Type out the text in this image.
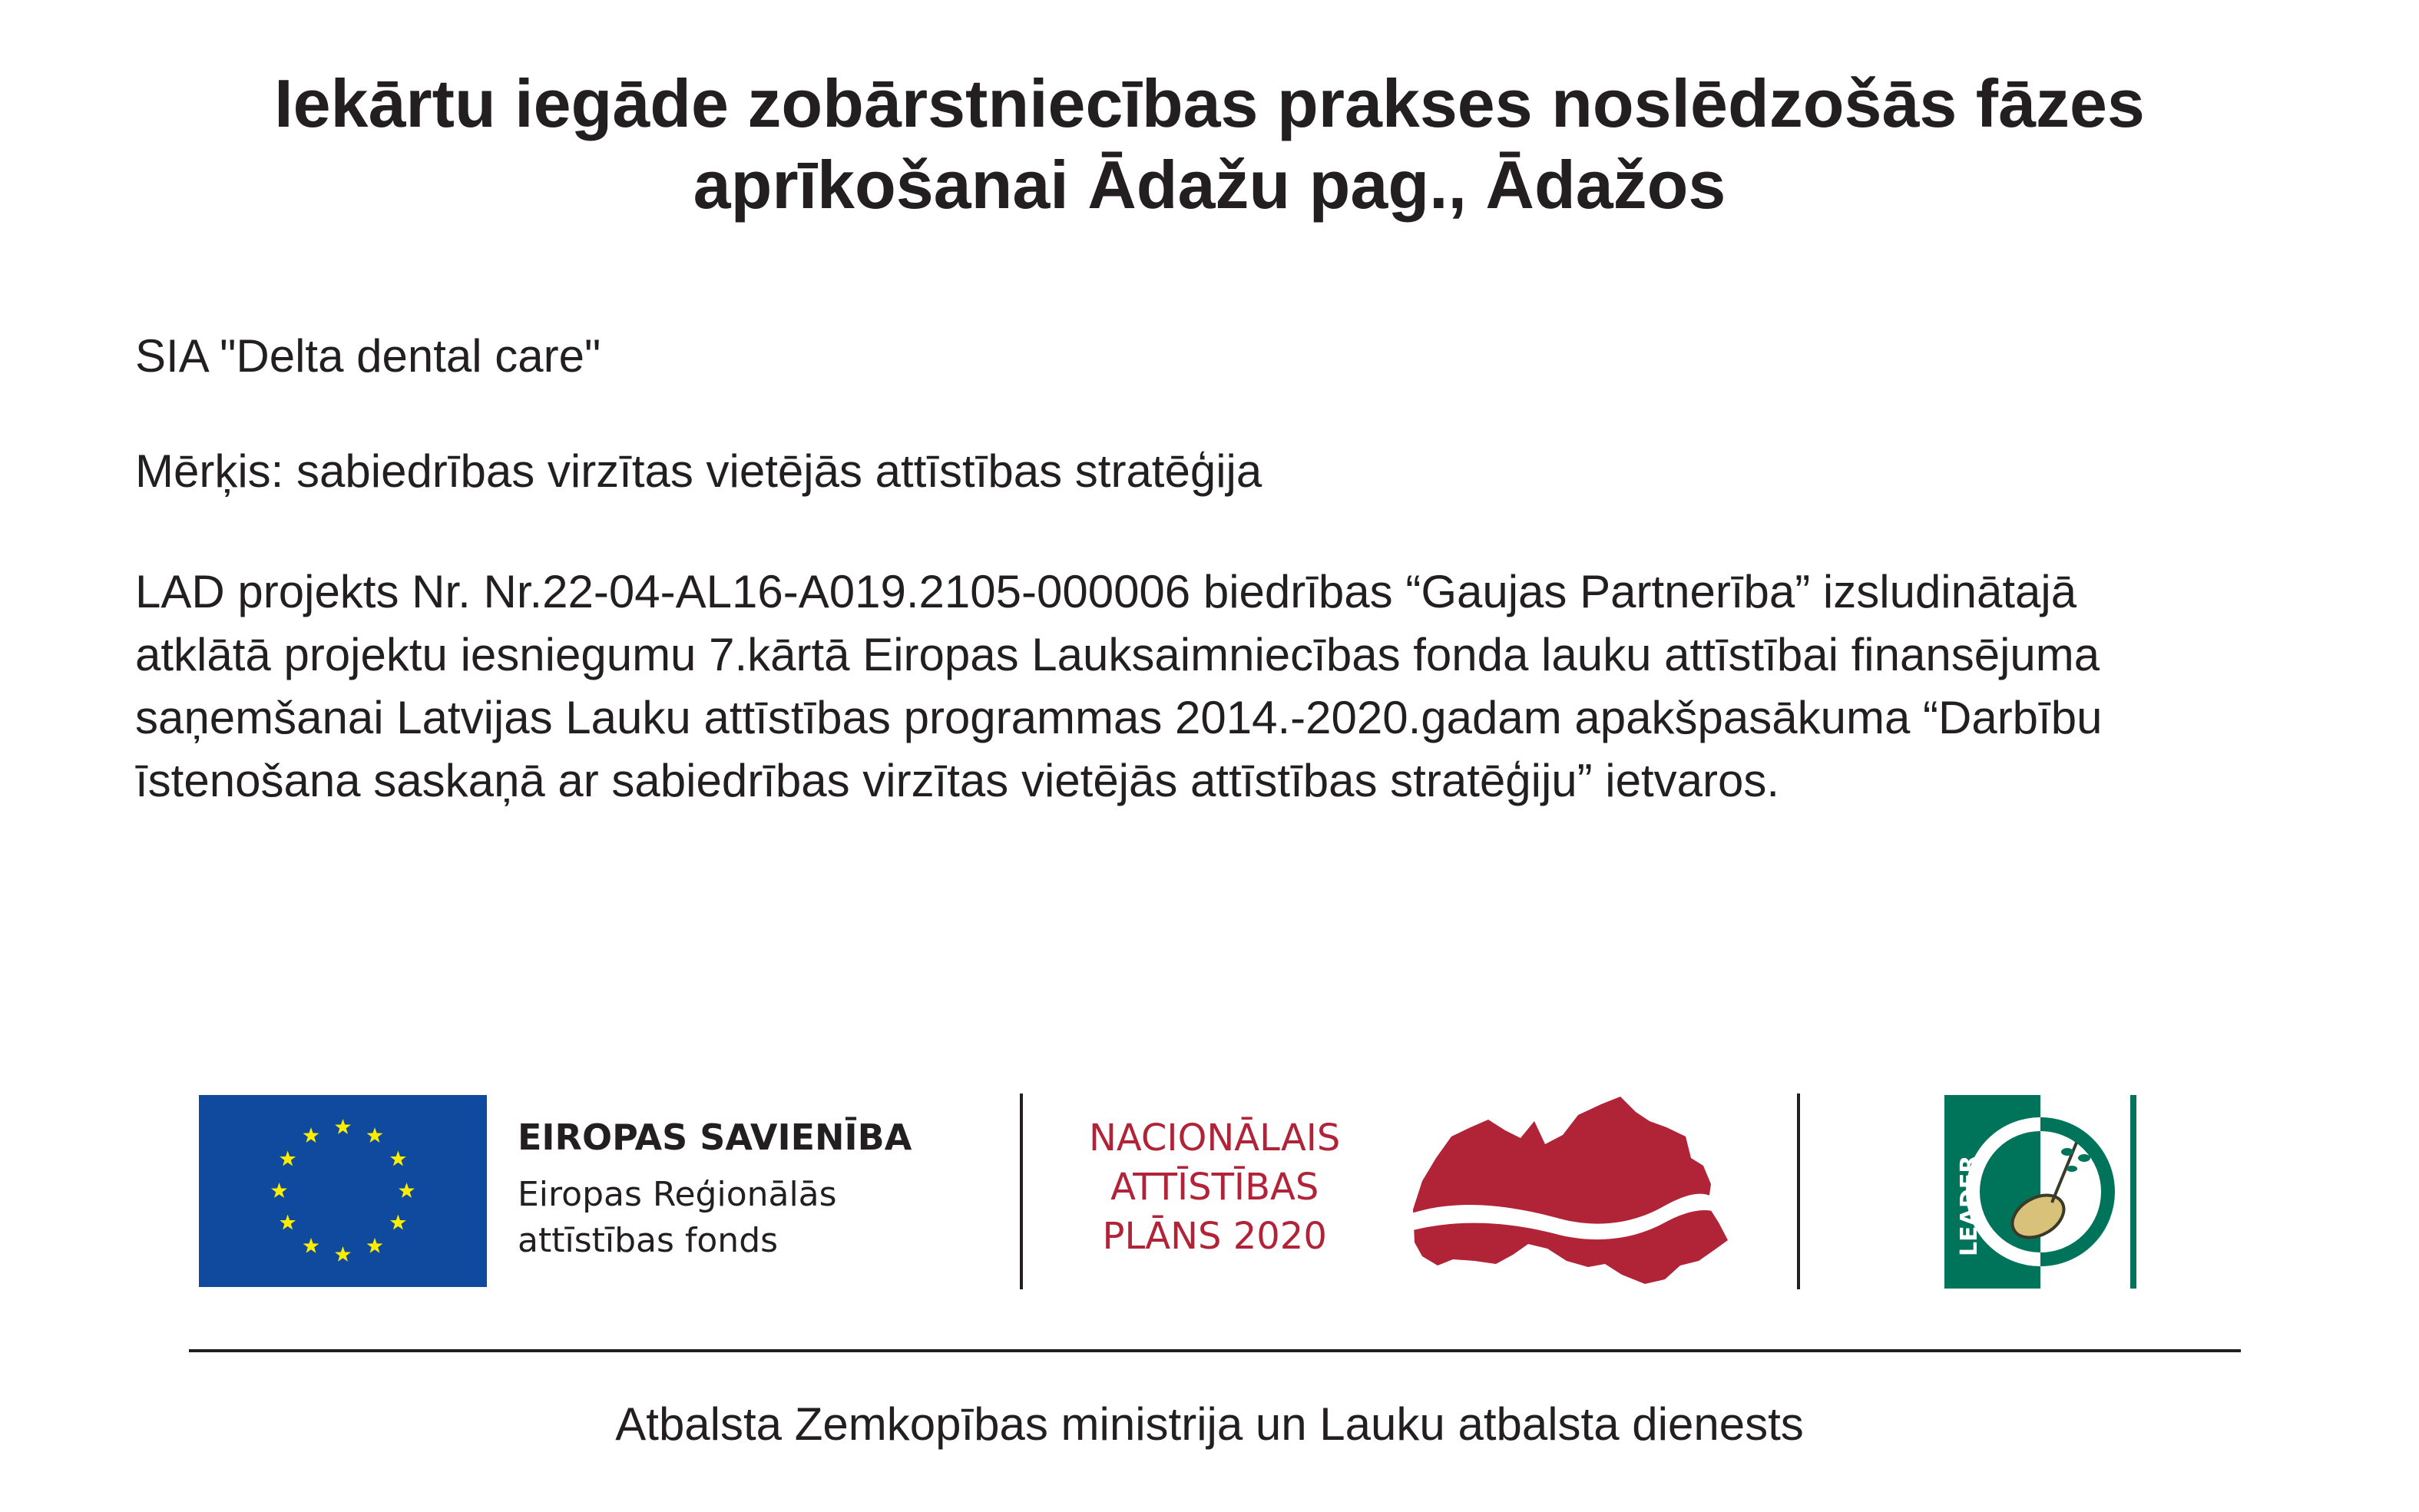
Iekārtu iegāde zobārstniecības prakses noslēdzošās fāzes
aprīkošanai Ādažu pag., Ādažos
SIA "Delta dental care"
Mērķis: sabiedrības virzītas vietējās attīstības stratēģija
LAD projekts Nr. Nr.22-04-AL16-A019.2105-000006 biedrības “Gaujas Partnerība” izsludinātajā
atklātā projektu iesniegumu 7.kārtā Eiropas Lauksaimniecības fonda lauku attīstībai finansējuma
saņemšanai Latvijas Lauku attīstības programmas 2014.-2020.gadam apakšpasākuma “Darbību
īstenošana saskaņā ar sabiedrības virzītas vietējās attīstības stratēģiju” ietvaros.
EIROPAS SAVIENĪBA
Eiropas Reģionālās
attīstības fonds
NACIONĀLAIS
ATTĪSTĪBAS
PLĀNS 2020	LEADER
Atbalsta Zemkopības ministrija un Lauku atbalsta dienests
